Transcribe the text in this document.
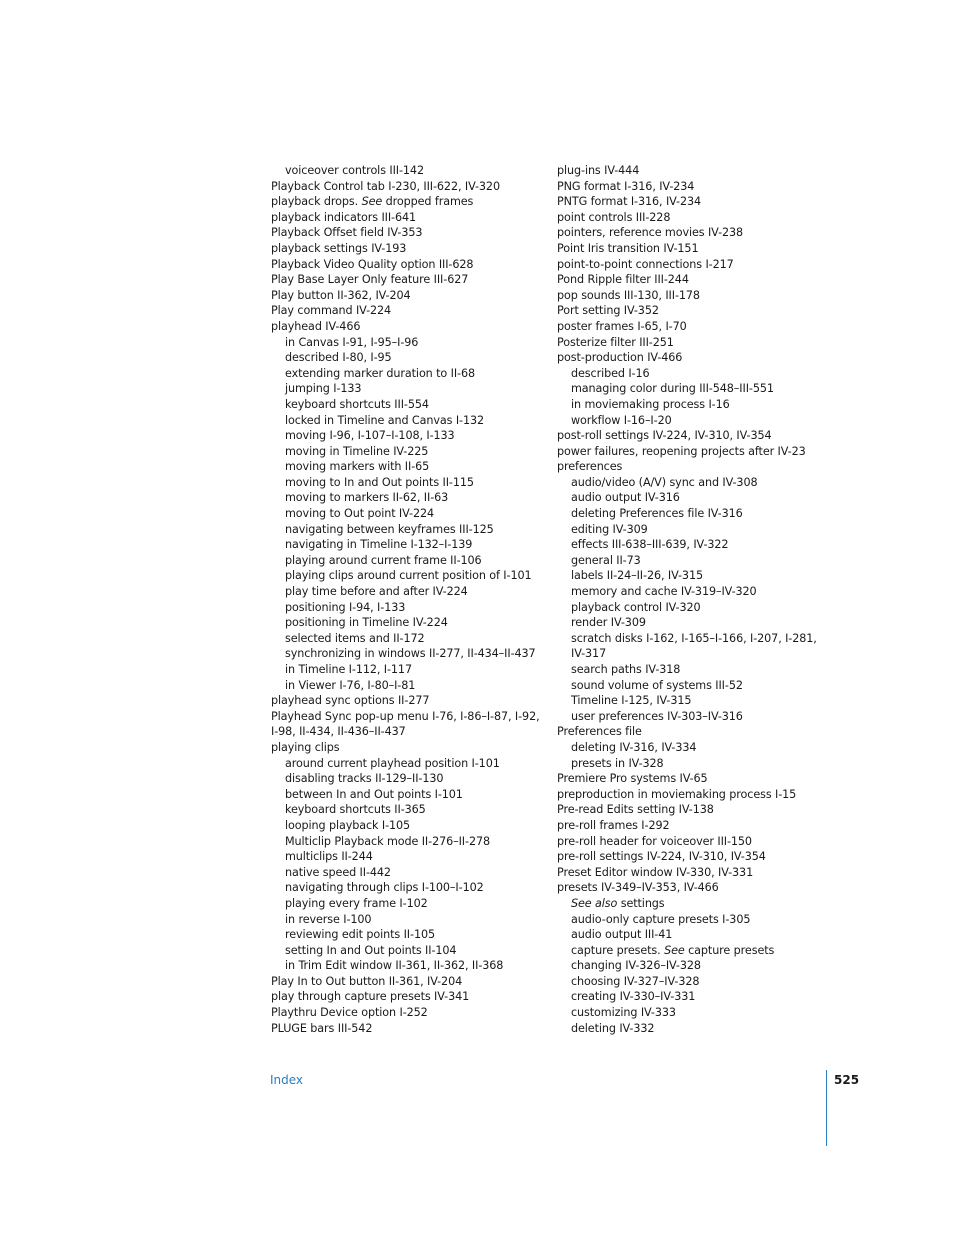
voiceover controls III-142
Playback Control tab I-230, III-622, IV-320
playback drops. See dropped frames
playback indicators III-641
Playback Offset field IV-353
playback settings IV-193
Playback Video Quality option III-628
Play Base Layer Only feature III-627
Play button II-362, IV-204
Play command IV-224
playhead IV-466
in Canvas I-91, I-95–I-96
described I-80, I-95
extending marker duration to II-68
jumping I-133
keyboard shortcuts III-554
locked in Timeline and Canvas I-132
moving I-96, I-107–I-108, I-133
moving in Timeline IV-225
moving markers with II-65
moving to In and Out points II-115
moving to markers II-62, II-63
moving to Out point IV-224
navigating between keyframes III-125
navigating in Timeline I-132–I-139
playing around current frame II-106
playing clips around current position of I-101
play time before and after IV-224
positioning I-94, I-133
positioning in Timeline IV-224
selected items and II-172
synchronizing in windows II-277, II-434–II-437
in Timeline I-112, I-117
in Viewer I-76, I-80–I-81
playhead sync options II-277
Playhead Sync pop-up menu I-76, I-86–I-87, I-92,
I-98, II-434, II-436–II-437
playing clips
around current playhead position I-101
disabling tracks II-129–II-130
between In and Out points I-101
keyboard shortcuts II-365
looping playback I-105
Multiclip Playback mode II-276–II-278
multiclips II-244
native speed II-442
navigating through clips I-100–I-102
playing every frame I-102
in reverse I-100
reviewing edit points II-105
setting In and Out points II-104
in Trim Edit window II-361, II-362, II-368
Play In to Out button II-361, IV-204
play through capture presets IV-341
Playthru Device option I-252
PLUGE bars III-542
plug-ins IV-444
PNG format I-316, IV-234
PNTG format I-316, IV-234
point controls III-228
pointers, reference movies IV-238
Point Iris transition IV-151
point-to-point connections I-217
Pond Ripple filter III-244
pop sounds III-130, III-178
Port setting IV-352
poster frames I-65, I-70
Posterize filter III-251
post-production IV-466
described I-16
managing color during III-548–III-551
in moviemaking process I-16
workflow I-16–I-20
post-roll settings IV-224, IV-310, IV-354
power failures, reopening projects after IV-23
preferences
audio/video (A/V) sync and IV-308
audio output IV-316
deleting Preferences file IV-316
editing IV-309
effects III-638–III-639, IV-322
general II-73
labels II-24–II-26, IV-315
memory and cache IV-319–IV-320
playback control IV-320
render IV-309
scratch disks I-162, I-165–I-166, I-207, I-281,
IV-317
search paths IV-318
sound volume of systems III-52
Timeline I-125, IV-315
user preferences IV-303–IV-316
Preferences file
deleting IV-316, IV-334
presets in IV-328
Premiere Pro systems IV-65
preproduction in moviemaking process I-15
Pre-read Edits setting IV-138
pre-roll frames I-292
pre-roll header for voiceover III-150
pre-roll settings IV-224, IV-310, IV-354
Preset Editor window IV-330, IV-331
presets IV-349–IV-353, IV-466
See also settings
audio-only capture presets I-305
audio output III-41
capture presets. See capture presets
changing IV-326–IV-328
choosing IV-327–IV-328
creating IV-330–IV-331
customizing IV-333
deleting IV-332
Index	525
